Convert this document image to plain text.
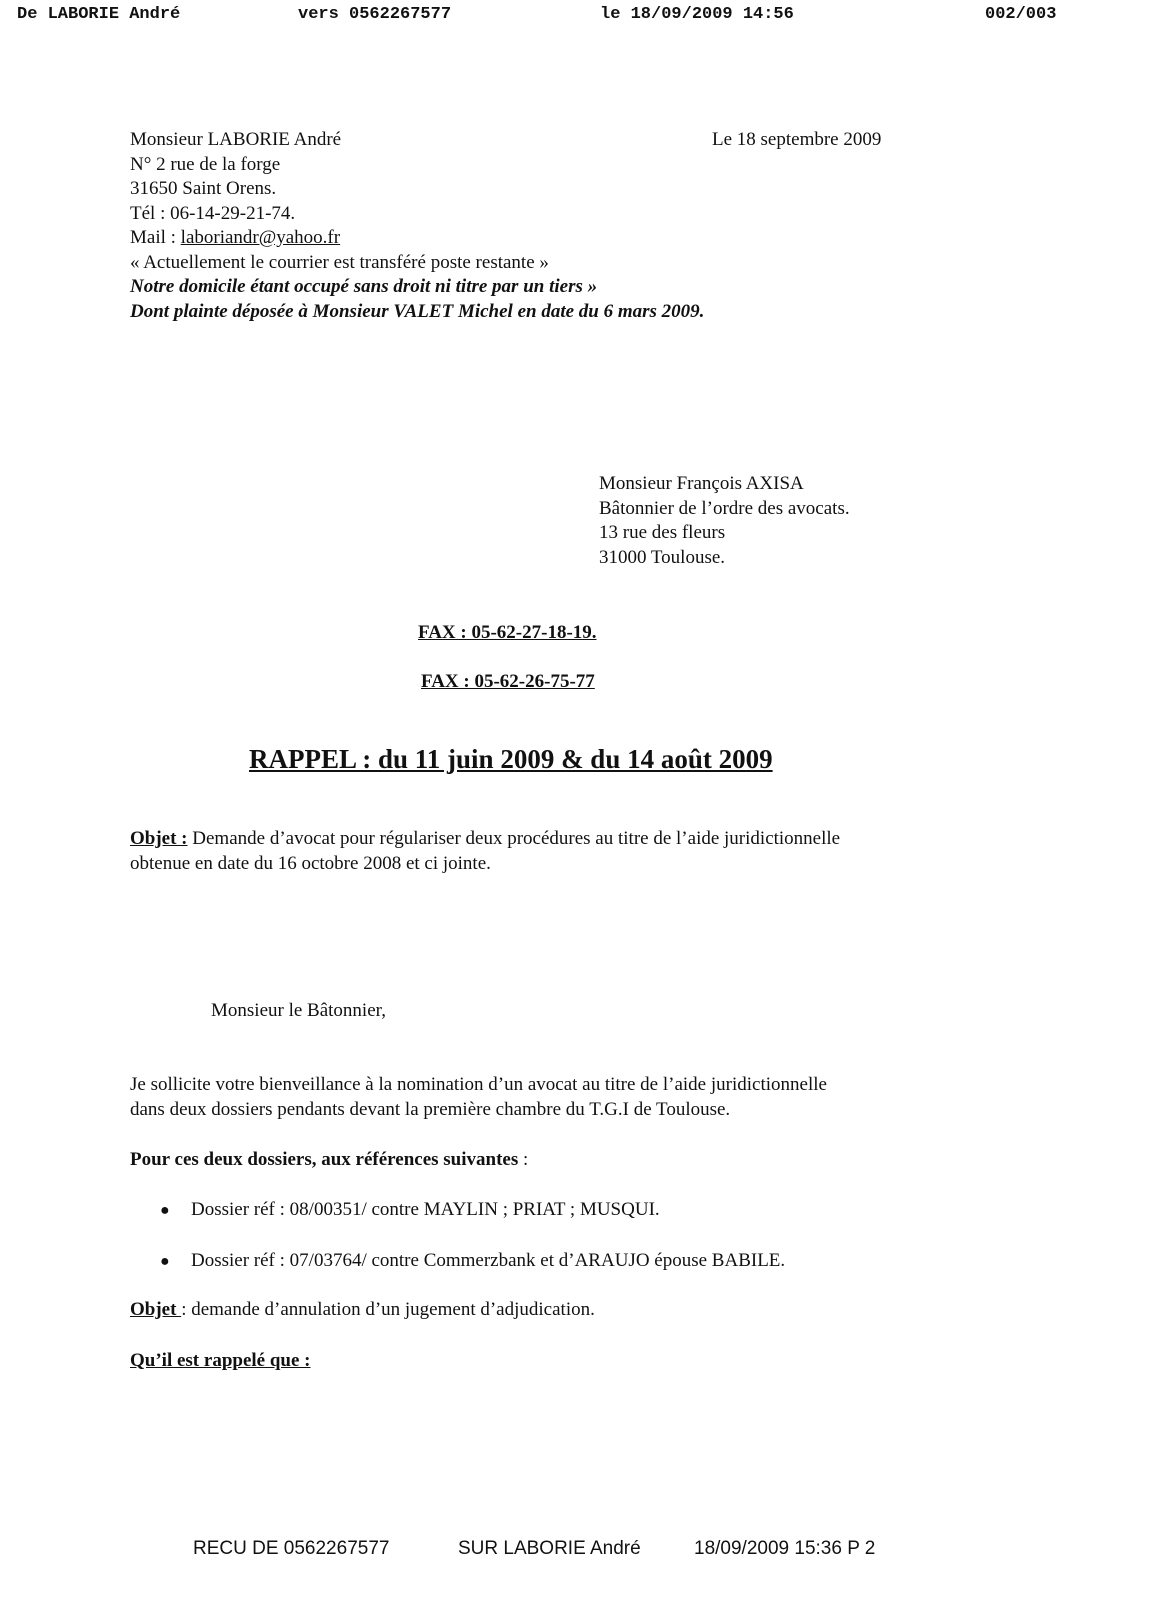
De LABORIE André	vers 0562267577	le 18/09/2009 14:56	002/003
Monsieur LABORIE André
N° 2 rue de la forge
31650 Saint Orens.
Tél : 06-14-29-21-74.
Mail : laboriandr@yahoo.fr
« Actuellement le courrier est transféré poste restante »
Notre domicile étant occupé sans droit ni titre par un tiers »
Dont plainte déposée à Monsieur VALET Michel en date du 6 mars 2009.
Le 18 septembre 2009
Monsieur François AXISA
Bâtonnier de l’ordre des avocats.
13 rue des fleurs
31000 Toulouse.
FAX : 05-62-27-18-19.
FAX : 05-62-26-75-77
RAPPEL : du 11 juin 2009 & du 14 août 2009
Objet : Demande d’avocat pour régulariser deux procédures au titre de l’aide juridictionnelle
obtenue en date du 16 octobre 2008 et ci jointe.
Monsieur le Bâtonnier,
Je sollicite votre bienveillance à la nomination d’un avocat au titre de l’aide juridictionnelle
dans deux dossiers pendants devant la première chambre du T.G.I de Toulouse.
Pour ces deux dossiers, aux références suivantes :
● Dossier réf : 08/00351/ contre MAYLIN ; PRIAT ; MUSQUI.
● Dossier réf : 07/03764/ contre Commerzbank et d’ARAUJO épouse BABILE.
Objet : demande d’annulation d’un jugement d’adjudication.
Qu’il est rappelé que :
RECU DE 0562267577	SUR LABORIE André	18/09/2009 15:36 P 2
